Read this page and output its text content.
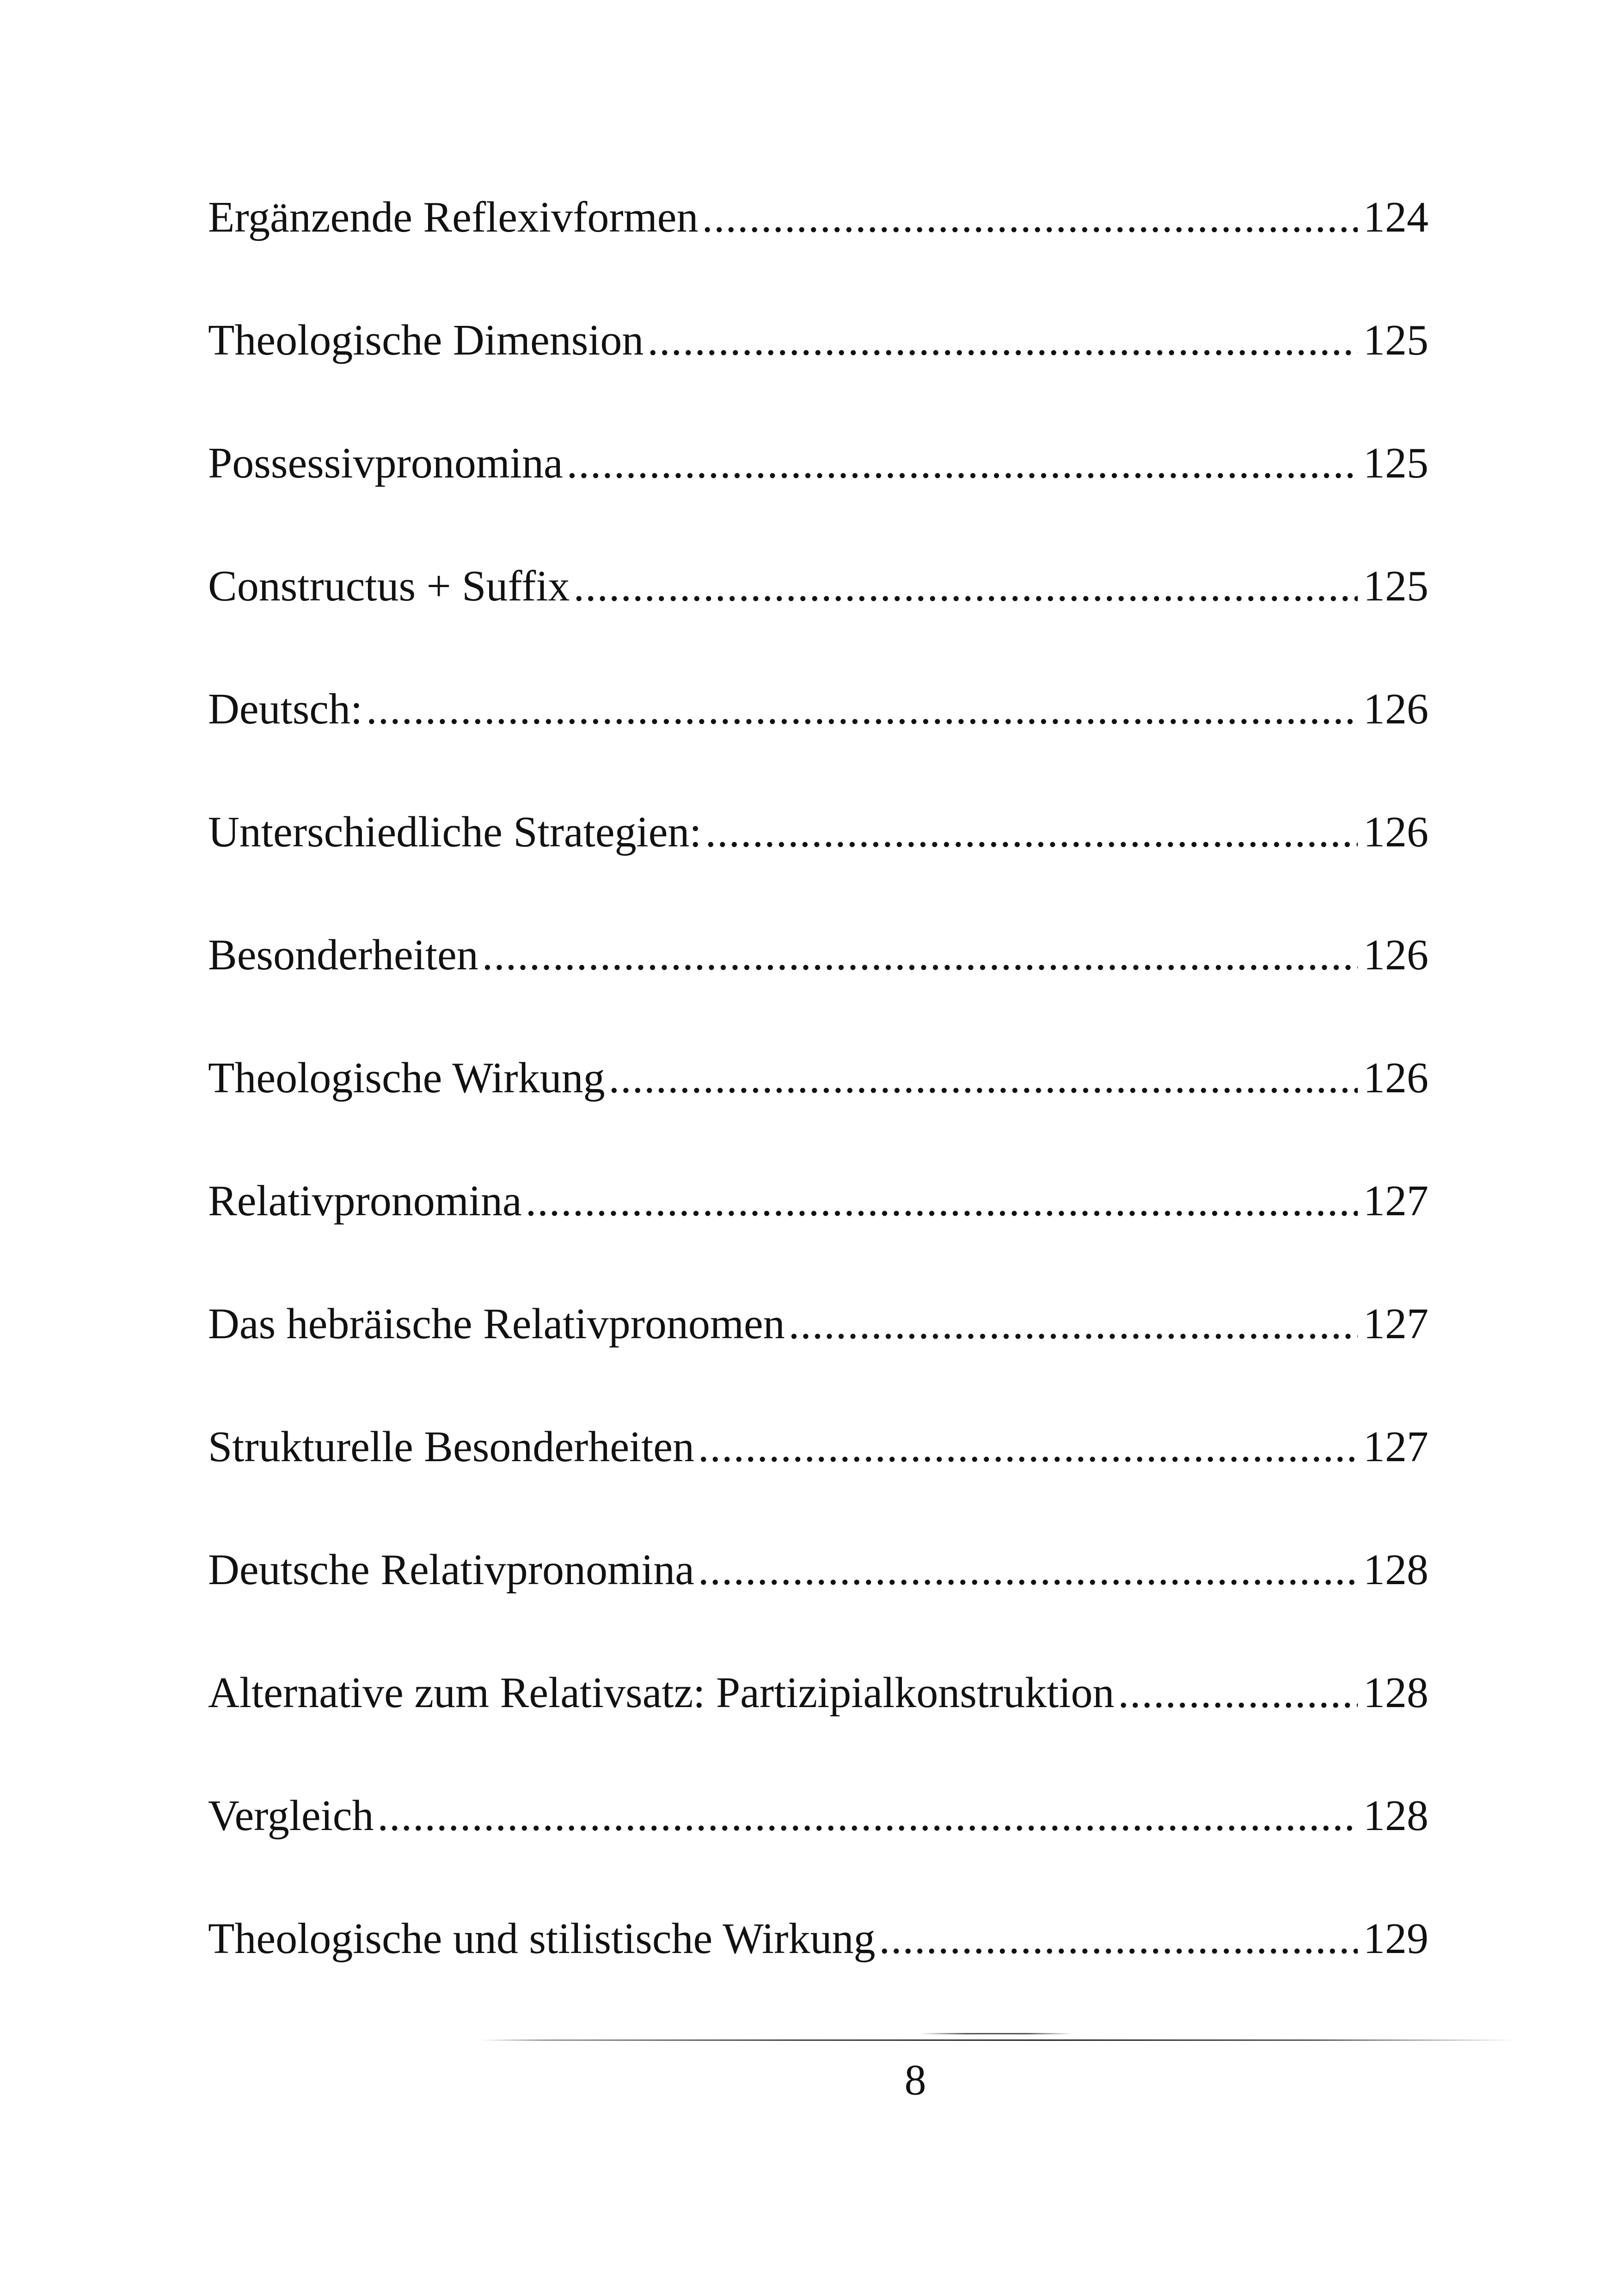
Ergänzende Reflexivformen .....	124
Theologische Dimension .....	125
Possessivpronomina .....	125
Constructus + Suffix .....	125
Deutsch: .....	126
Unterschiedliche Strategien: .....	126
Besonderheiten .....	126
Theologische Wirkung .....	126
Relativpronomina .....	127
Das hebräische Relativpronomen .....	127
Strukturelle Besonderheiten .....	127
Deutsche Relativpronomina .....	128
Alternative zum Relativsatz: Partizipialkonstruktion .....	128
Vergleich .....	128
Theologische und stilistische Wirkung .....	129
8
